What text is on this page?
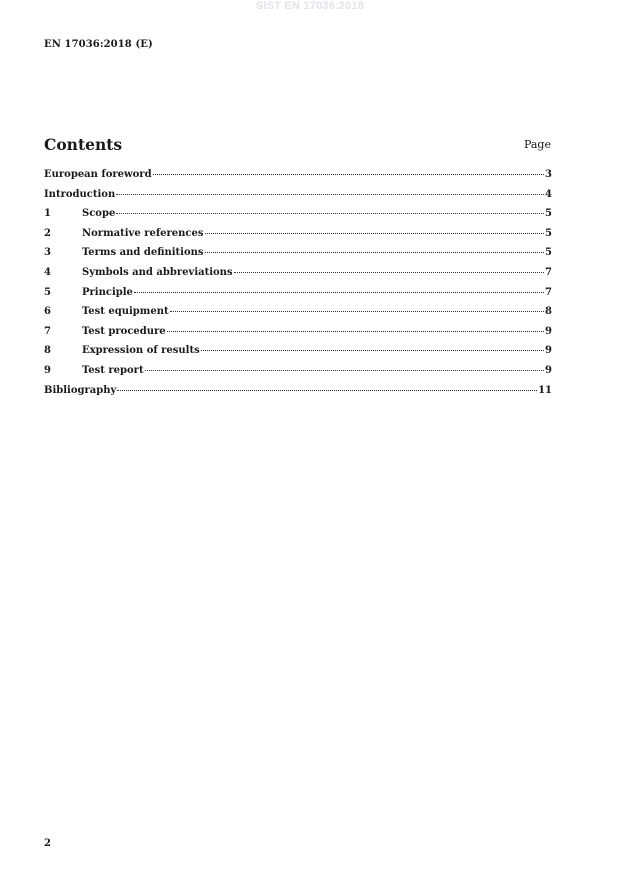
SIST EN 17036:2018
EN 17036:2018 (E)
Contents	Page
European foreword	3
Introduction	4
1	Scope	5
2	Normative references	5
3	Terms and definitions	5
4	Symbols and abbreviations	7
5	Principle	7
6	Test equipment	8
7	Test procedure	9
8	Expression of results	9
9	Test report	9
Bibliography	11
2
